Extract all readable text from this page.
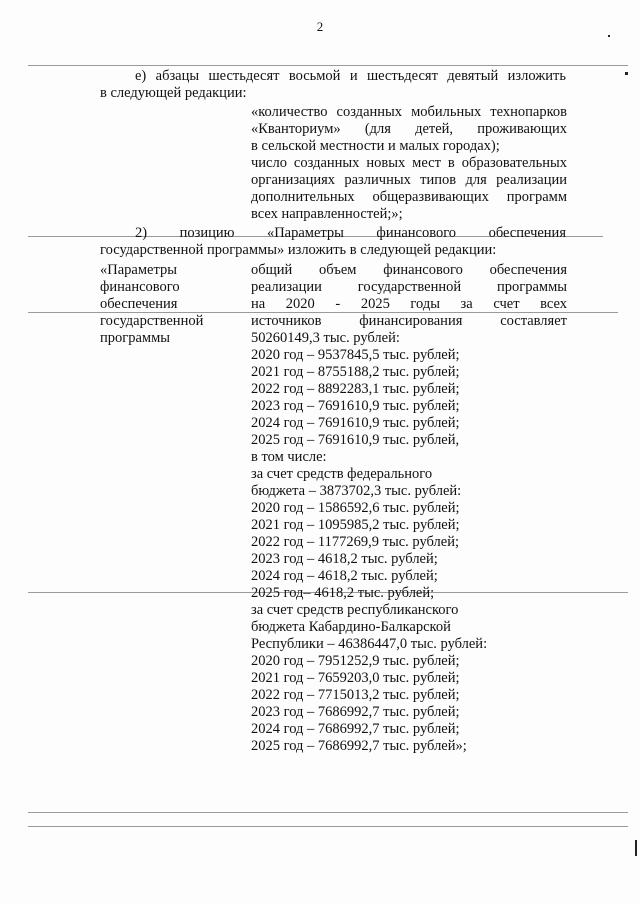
2
е) абзацы шестьдесят восьмой и шестьдесят девятый изложить
в следующей редакции:
«количество созданных мобильных технопарков
«Кванториум» (для детей, проживающих
в сельской местности и малых городах);
число созданных новых мест в образовательных
организациях различных типов для реализации
дополнительных общеразвивающих программ
всех направленностей;»;
2) позицию «Параметры финансового обеспечения
государственной программы» изложить в следующей редакции:
«Параметры
финансового
обеспечения
государственной
программы
общий объем финансового обеспечения
реализации государственной программы
на 2020 - 2025 годы за счет всех
источников финансирования составляет
50260149,3 тыс. рублей:
2020 год – 9537845,5 тыс. рублей;
2021 год – 8755188,2 тыс. рублей;
2022 год – 8892283,1 тыс. рублей;
2023 год – 7691610,9 тыс. рублей;
2024 год – 7691610,9 тыс. рублей;
2025 год – 7691610,9 тыс. рублей,
в том числе:
за счет средств федерального
бюджета – 3873702,3 тыс. рублей:
2020 год – 1586592,6 тыс. рублей;
2021 год – 1095985,2 тыс. рублей;
2022 год – 1177269,9 тыс. рублей;
2023 год – 4618,2 тыс. рублей;
2024 год – 4618,2 тыс. рублей;
2025 год– 4618,2 тыс. рублей;
за счет средств республиканского
бюджета Кабардино-Балкарской
Республики – 46386447,0 тыс. рублей:
2020 год – 7951252,9 тыс. рублей;
2021 год – 7659203,0 тыс. рублей;
2022 год – 7715013,2 тыс. рублей;
2023 год – 7686992,7 тыс. рублей;
2024 год – 7686992,7 тыс. рублей;
2025 год – 7686992,7 тыс. рублей»;
